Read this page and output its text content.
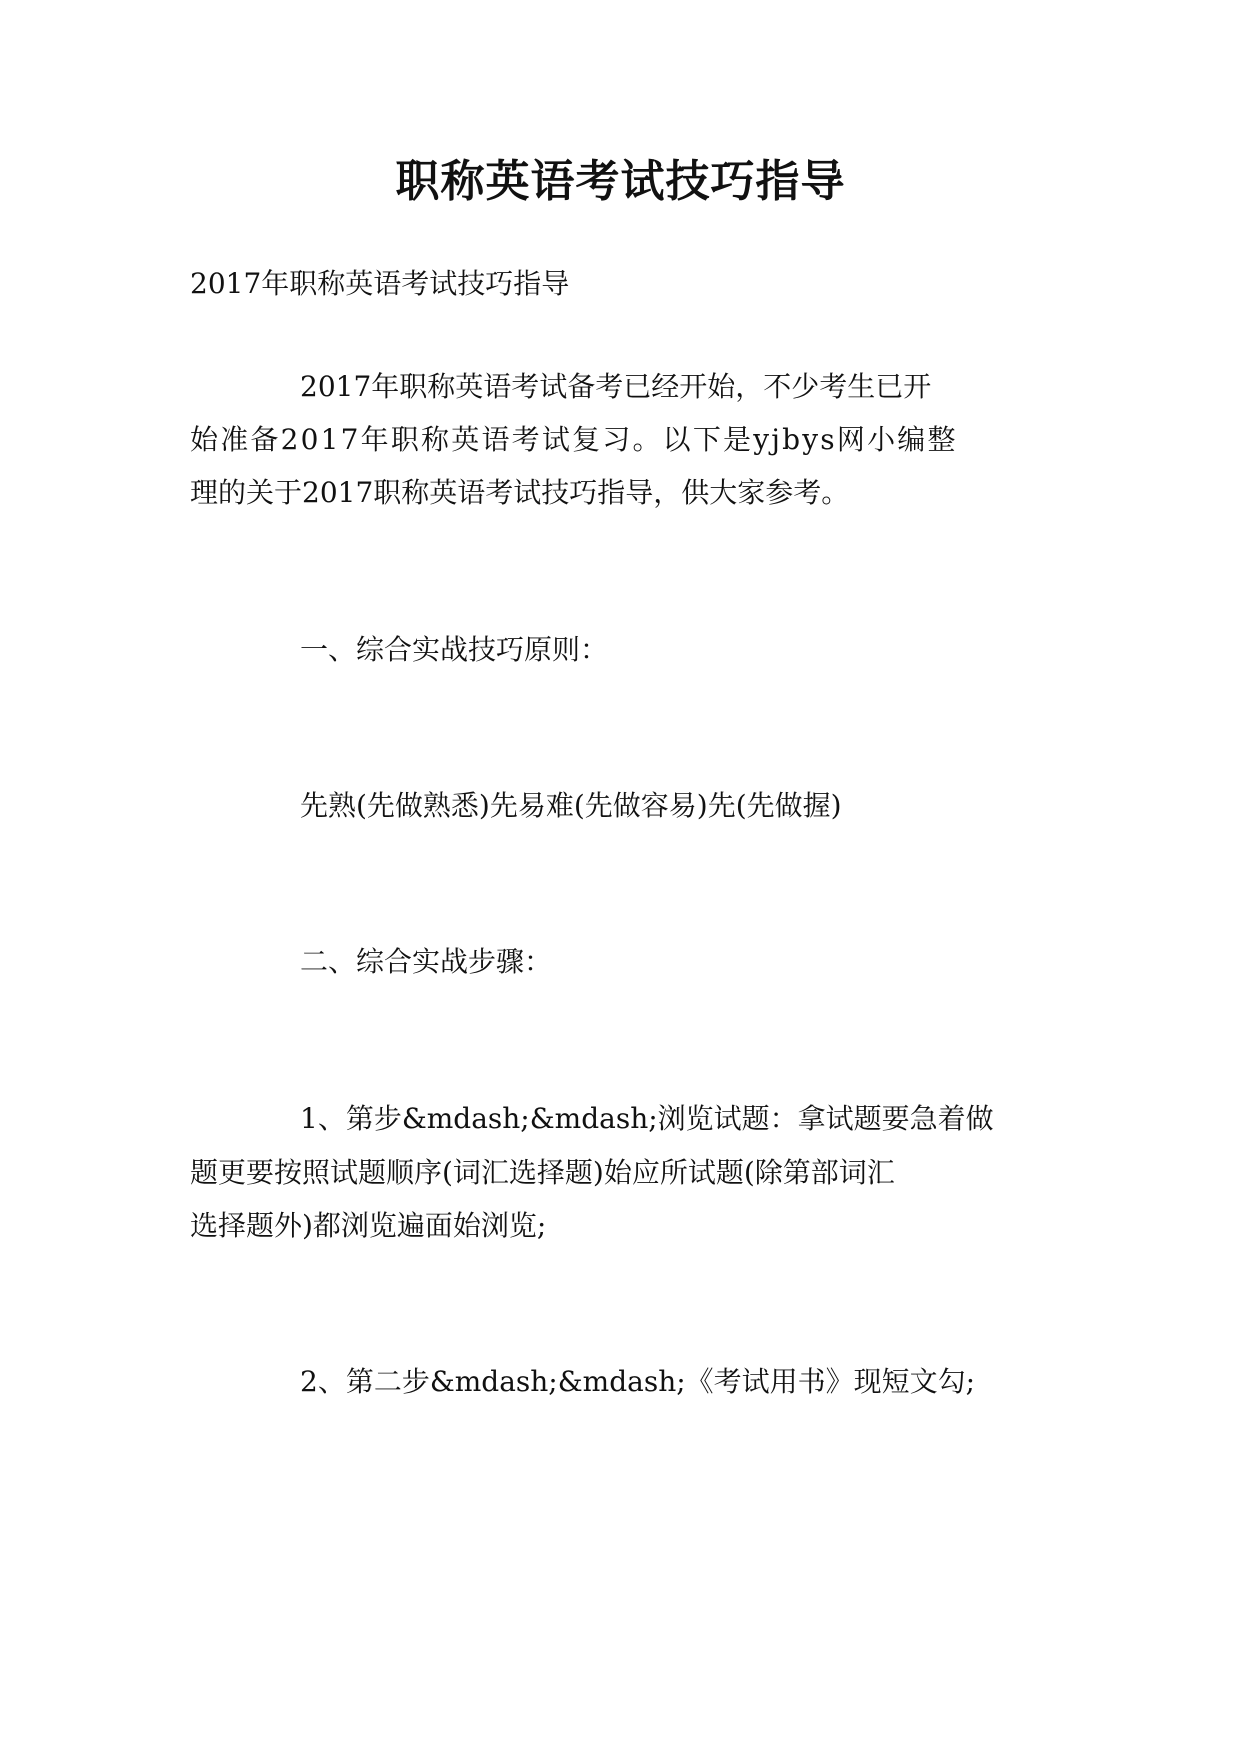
职称英语考试技巧指导

2017年职称英语考试技巧指导

2017年职称英语考试备考已经开始，不少考生已开

始准备2017年职称英语考试复习。以下是yjbys网小编整

理的关于2017职称英语考试技巧指导，供大家参考。

一、综合实战技巧原则：

先熟(先做熟悉)先易难(先做容易)先(先做握)

二、综合实战步骤：

1、第步&mdash;&mdash;浏览试题：拿试题要急着做

题更要按照试题顺序(词汇选择题)始应所试题(除第部词汇

选择题外)都浏览遍面始浏览;

2、第二步&mdash;&mdash;《考试用书》现短文勾;
